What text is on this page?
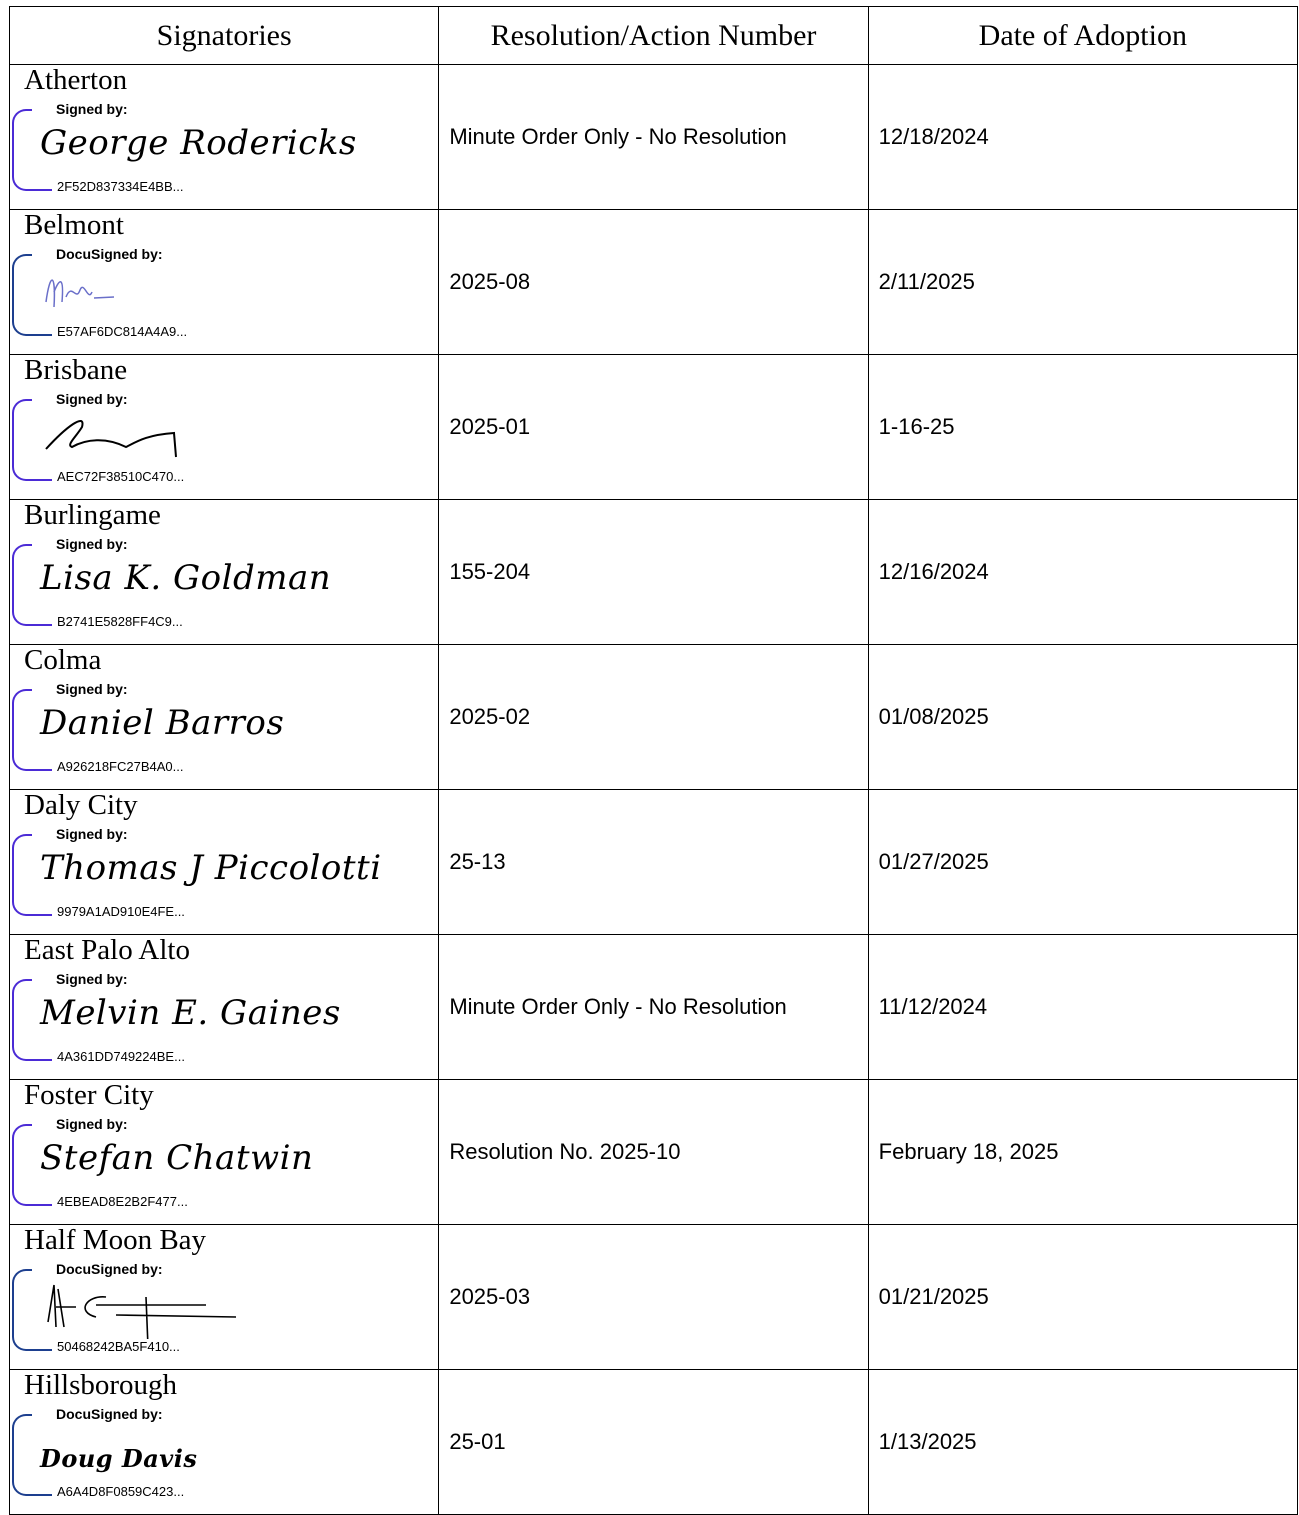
Signatories	Resolution/Action Number	Date of Adoption

Atherton
Signed by:
George Rodericks
2F52D837334E4BB...	Minute Order Only - No Resolution	12/18/2024

Belmont
DocuSigned by:
E57AF6DC814A4A9...	2025-08	2/11/2025

Brisbane
Signed by:
AEC72F38510C470...	2025-01	1-16-25

Burlingame
Signed by:
Lisa K. Goldman
B2741E5828FF4C9...	155-204	12/16/2024

Colma
Signed by:
Daniel Barros
A926218FC27B4A0...	2025-02	01/08/2025

Daly City
Signed by:
Thomas J Piccolotti
9979A1AD910E4FE...	25-13	01/27/2025

East Palo Alto
Signed by:
Melvin E. Gaines
4A361DD749224BE...	Minute Order Only - No Resolution	11/12/2024

Foster City
Signed by:
Stefan Chatwin
4EBEAD8E2B2F477...	Resolution No. 2025-10	February 18, 2025

Half Moon Bay
DocuSigned by:
50468242BA5F410...	2025-03	01/21/2025

Hillsborough
DocuSigned by:
Doug Davis
A6A4D8F0859C423...	25-01	1/13/2025
